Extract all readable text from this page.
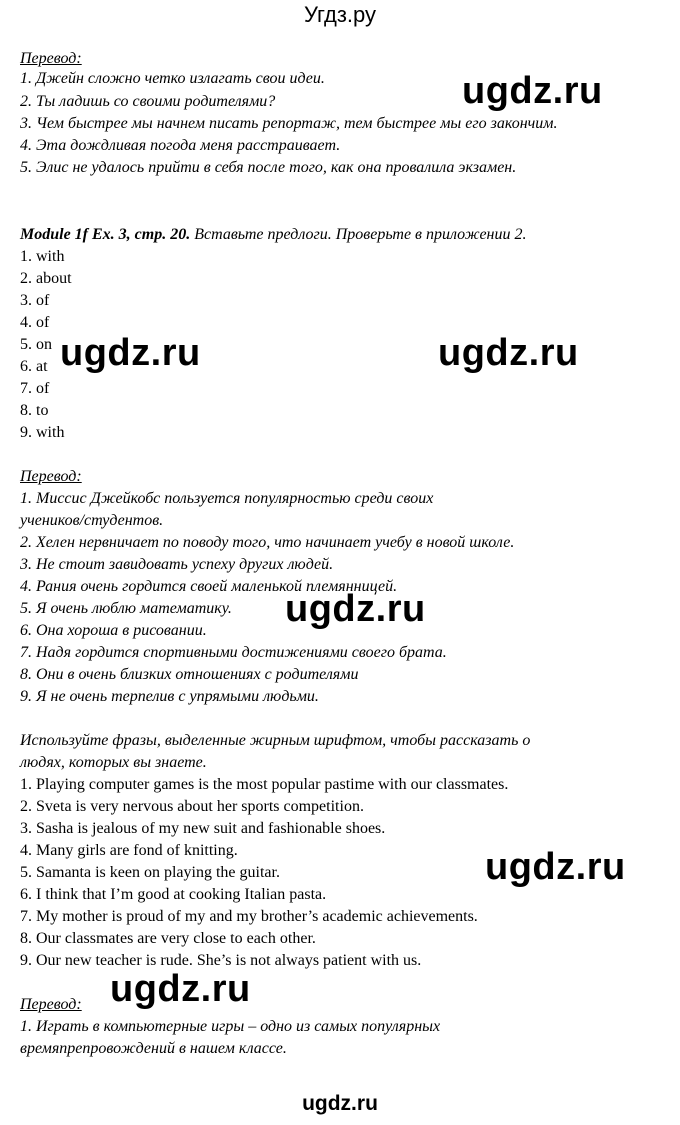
Угдз.ру
Перевод:
1. Джейн сложно четко излагать свои идеи.
2. Ты ладишь со своими родителями?
3. Чем быстрее мы начнем писать репортаж, тем быстрее мы его закончим.
4. Эта дождливая погода меня расстраивает.
5. Элис не удалось прийти в себя после того, как она провалила экзамен.
Module 1f Ex. 3, стр. 20. Вставьте предлоги. Проверьте в приложении 2.
1. with
2. about
3. of
4. of
5. on
6. at
7. of
8. to
9. with
Перевод:
1. Миссис Джейкобс пользуется популярностью среди своих
учеников/студентов.
2. Хелен нервничает по поводу того, что начинает учебу в новой школе.
3. Не стоит завидовать успеху других людей.
4. Рания очень гордится своей маленькой племянницей.
5. Я очень люблю математику.
6. Она хороша в рисовании.
7. Надя гордится спортивными достижениями своего брата.
8. Они в очень близких отношениях с родителями
9. Я не очень терпелив с упрямыми людьми.
Используйте фразы, выделенные жирным шрифтом, чтобы рассказать о
людях, которых вы знаете.
1. Playing computer games is the most popular pastime with our classmates.
2. Sveta is very nervous about her sports competition.
3. Sasha is jealous of my new suit and fashionable shoes.
4. Many girls are fond of knitting.
5. Samanta is keen on playing the guitar.
6. I think that I’m good at cooking Italian pasta.
7. My mother is proud of my and my brother’s academic achievements.
8. Our classmates are very close to each other.
9. Our new teacher is rude. She’s is not always patient with us.
Перевод:
1. Играть в компьютерные игры – одно из самых популярных
времяпрепровождений в нашем классе.
ugdz.ru
ugdz.ru	ugdz.ru
ugdz.ru
ugdz.ru
ugdz.ru
ugdz.ru
